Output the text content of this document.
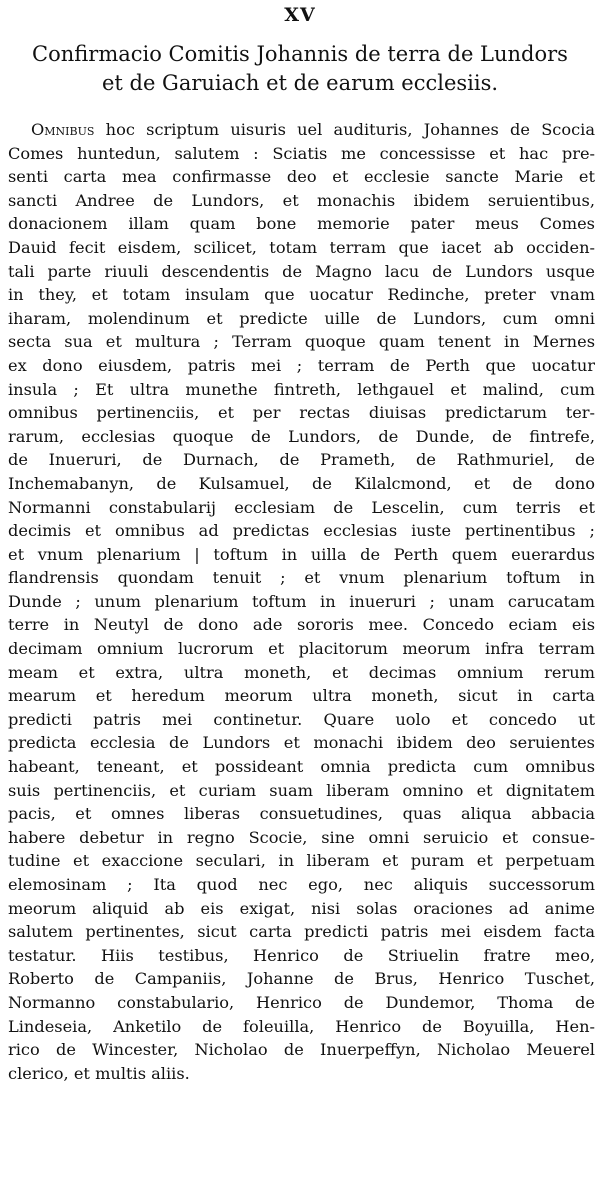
XV
Confirmacio Comitis Johannis de terra de Lundors
et de Garuiach et de earum ecclesiis.
Omnibus hoc scriptum uisuris uel audituris, Johannes de Scocia
Comes huntedun, salutem : Sciatis me concessisse et hac pre-
senti carta mea confirmasse deo et ecclesie sancte Marie et
sancti Andree de Lundors, et monachis ibidem seruientibus,
donacionem illam quam bone memorie pater meus Comes
Dauid fecit eisdem, scilicet, totam terram que iacet ab occiden-
tali parte riuuli descendentis de Magno lacu de Lundors usque
in they, et totam insulam que uocatur Redinche, preter vnam
iharam, molendinum et predicte uille de Lundors, cum omni
secta sua et multura ; Terram quoque quam tenent in Mernes
ex dono eiusdem, patris mei ; terram de Perth que uocatur
insula ; Et ultra munethe fintreth, lethgauel et malind, cum
omnibus pertinenciis, et per rectas diuisas predictarum ter-
rarum, ecclesias quoque de Lundors, de Dunde, de fintrefe,
de Inueruri, de Durnach, de Prameth, de Rathmuriel, de
Inchemabanyn, de Kulsamuel, de Kilalcmond, et de dono
Normanni constabularij ecclesiam de Lescelin, cum terris et
decimis et omnibus ad predictas ecclesias iuste pertinentibus ;
et vnum plenarium | toftum in uilla de Perth quem euerardus
flandrensis quondam tenuit ; et vnum plenarium toftum in
Dunde ; unum plenarium toftum in inueruri ; unam carucatam
terre in Neutyl de dono ade sororis mee. Concedo eciam eis
decimam omnium lucrorum et placitorum meorum infra terram
meam et extra, ultra moneth, et decimas omnium rerum
mearum et heredum meorum ultra moneth, sicut in carta
predicti patris mei continetur. Quare uolo et concedo ut
predicta ecclesia de Lundors et monachi ibidem deo seruientes
habeant, teneant, et possideant omnia predicta cum omnibus
suis pertinenciis, et curiam suam liberam omnino et dignitatem
pacis, et omnes liberas consuetudines, quas aliqua abbacia
habere debetur in regno Scocie, sine omni seruicio et consue-
tudine et exaccione seculari, in liberam et puram et perpetuam
elemosinam ; Ita quod nec ego, nec aliquis successorum
meorum aliquid ab eis exigat, nisi solas oraciones ad anime
salutem pertinentes, sicut carta predicti patris mei eisdem facta
testatur. Hiis testibus, Henrico de Striuelin fratre meo,
Roberto de Campaniis, Johanne de Brus, Henrico Tuschet,
Normanno constabulario, Henrico de Dundemor, Thoma de
Lindeseia, Anketilo de foleuilla, Henrico de Boyuilla, Hen-
rico de Wincester, Nicholao de Inuerpeffyn, Nicholao Meuerel
clerico, et multis aliis.
